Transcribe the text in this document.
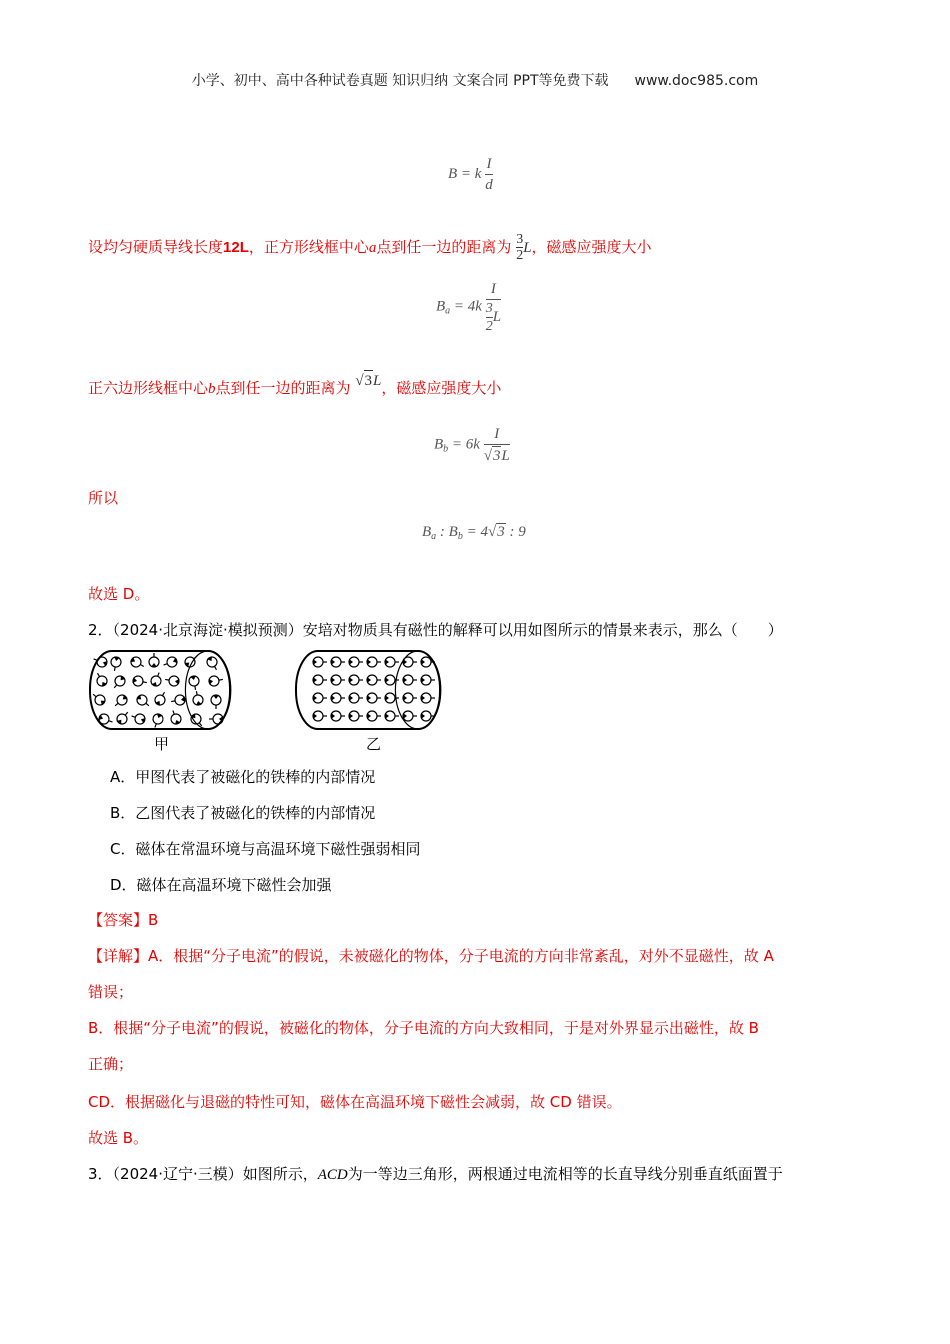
小学、初中、高中各种试卷真题 知识归纳 文案合同 PPT等免费下载 www.doc985.com
B = k $\frac{I}{d}$
设均匀硬质导线长度12L，正方形线框中心a点到任一边的距离为 $\frac{3}{2}$ L，磁感应强度大小
$B_a = 4k \frac{I}{\frac{3}{2} L}$
正六边形线框中心b点到任一边的距离为 √3L，磁感应强度大小
$B_b = 6k \frac{I}{√3L}$
所以
$B_a$ : $B_b = 4√3$ : 9
故选 D。
2．（2024·北京海淀·模拟预测）安培对物质具有磁性的解释可以用如图所示的情景来表示，那么（　　）
甲	乙
A．甲图代表了被磁化的铁棒的内部情况
B．乙图代表了被磁化的铁棒的内部情况
C．磁体在常温环境与高温环境下磁性强弱相同
D．磁体在高温环境下磁性会加强
【答案】B
【详解】A．根据“分子电流”的假说，未被磁化的物体，分子电流的方向非常紊乱，对外不显磁性，故 A
错误；
B．根据“分子电流”的假说，被磁化的物体，分子电流的方向大致相同，于是对外界显示出磁性，故 B
正确；
CD．根据磁化与退磁的特性可知，磁体在高温环境下磁性会减弱，故 CD 错误。
故选 B。
3．（2024·辽宁·三模）如图所示，ACD为一等边三角形，两根通过电流相等的长直导线分别垂直纸面置于
